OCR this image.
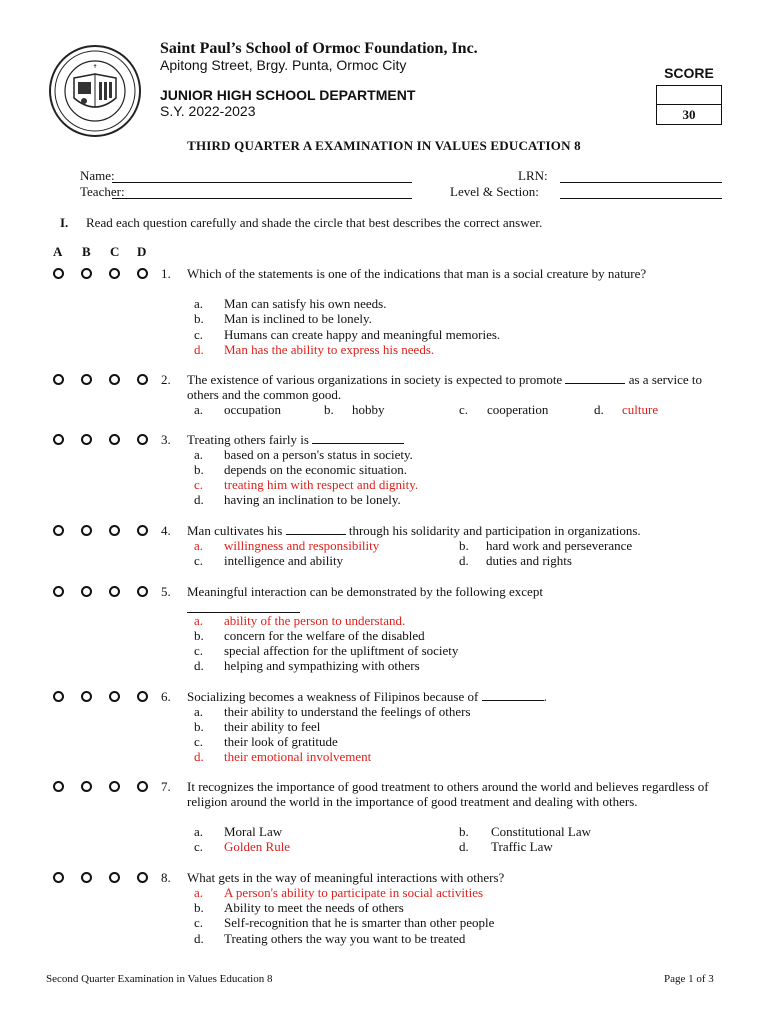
✝
Saint Paul’s School of Ormoc Foundation, Inc.
Apitong Street, Brgy. Punta, Ormoc City
JUNIOR HIGH SCHOOL DEPARTMENT
S.Y. 2022-2023
SCORE
30
THIRD QUARTER A EXAMINATION IN VALUES EDUCATION 8
Name:
Teacher:
LRN:
Level & Section:
I. Read each question carefully and shade the circle that best describes the correct answer.
A B C D
1. Which of the statements is one of the indications that man is a social creature by nature?
a. Man can satisfy his own needs.
b. Man is inclined to be lonely.
c. Humans can create happy and meaningful memories.
d. Man has the ability to express his needs.
2. The existence of various organizations in society is expected to promote	as a service to others and the common good.
a. occupation	b. hobby	c. cooperation	d. culture
3. Treating others fairly is
a. based on a person's status in society.
b. depends on the economic situation.
c. treating him with respect and dignity.
d. having an inclination to be lonely.
4. Man cultivates his	through his solidarity and participation in organizations.
a. willingness and responsibility	b. hard work and perseverance
c. intelligence and ability	d. duties and rights
5. Meaningful interaction can be demonstrated by the following except
a. ability of the person to understand.
b. concern for the welfare of the disabled
c. special affection for the upliftment of society
d. helping and sympathizing with others
6. Socializing becomes a weakness of Filipinos because of	.
a. their ability to understand the feelings of others
b. their ability to feel
c. their look of gratitude
d. their emotional involvement
7. It recognizes the importance of good treatment to others around the world and believes regardless of religion around the world in the importance of good treatment and dealing with others.
a. Moral Law	b. Constitutional Law
c. Golden Rule	d. Traffic Law
8. What gets in the way of meaningful interactions with others?
a. A person's ability to participate in social activities
b. Ability to meet the needs of others
c. Self-recognition that he is smarter than other people
d. Treating others the way you want to be treated
Second Quarter Examination in Values Education 8	Page 1 of 3
